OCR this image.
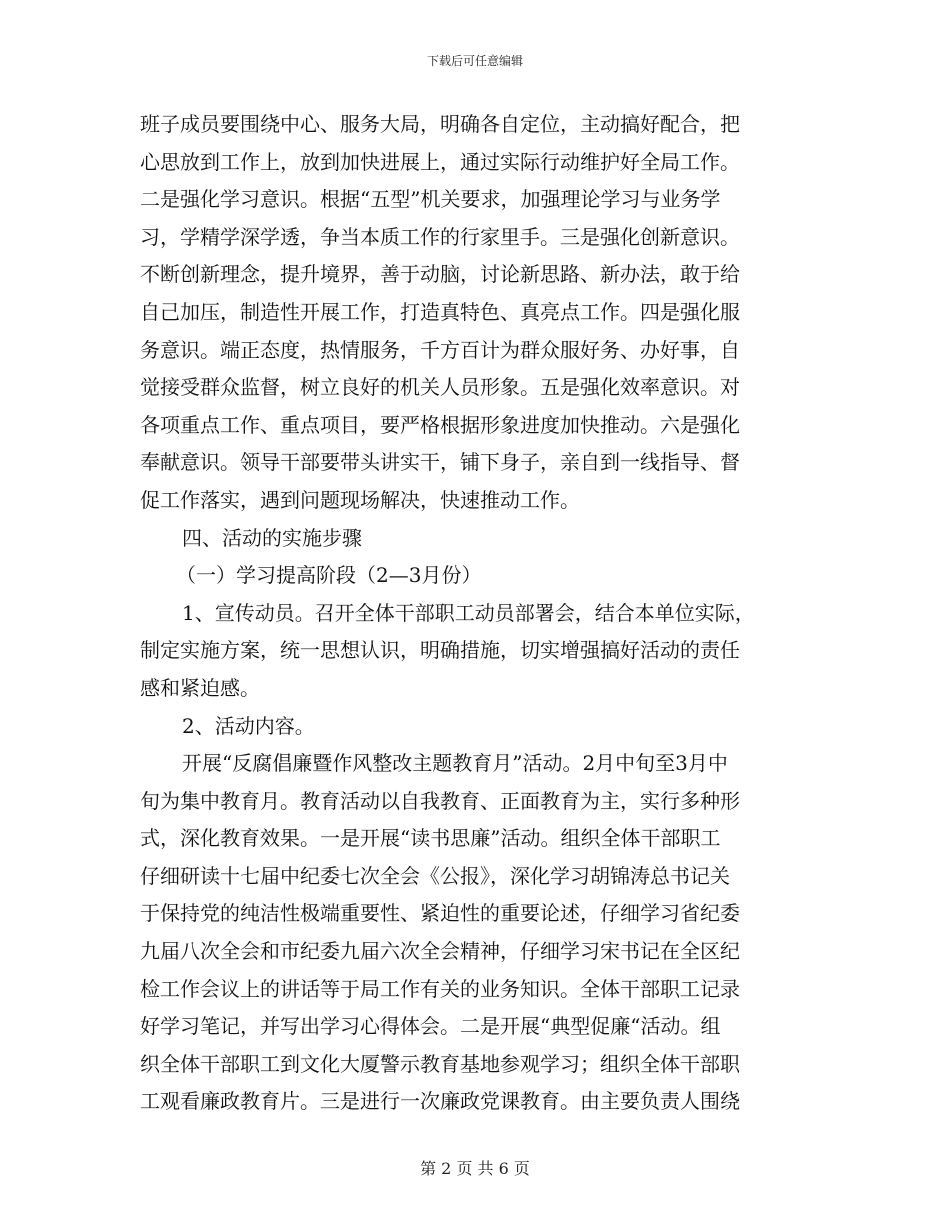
下载后可任意编辑
班子成员要围绕中心、服务大局，明确各自定位，主动搞好配合，把
心思放到工作上，放到加快进展上，通过实际行动维护好全局工作。
二是强化学习意识。根据“五型”机关要求，加强理论学习与业务学
习，学精学深学透，争当本质工作的行家里手。三是强化创新意识。
不断创新理念，提升境界，善于动脑，讨论新思路、新办法，敢于给
自己加压，制造性开展工作，打造真特色、真亮点工作。四是强化服
务意识。端正态度，热情服务，千方百计为群众服好务、办好事，自
觉接受群众监督，树立良好的机关人员形象。五是强化效率意识。对
各项重点工作、重点项目，要严格根据形象进度加快推动。六是强化
奉献意识。领导干部要带头讲实干，铺下身子，亲自到一线指导、督
促工作落实，遇到问题现场解决，快速推动工作。
四、活动的实施步骤
（一）学习提高阶段（2—3月份）
1、宣传动员。召开全体干部职工动员部署会，结合本单位实际，
制定实施方案，统一思想认识，明确措施，切实增强搞好活动的责任
感和紧迫感。
2、活动内容。
开展“反腐倡廉暨作风整改主题教育月”活动。2月中旬至3月中
旬为集中教育月。教育活动以自我教育、正面教育为主，实行多种形
式，深化教育效果。一是开展“读书思廉”活动。组织全体干部职工
仔细研读十七届中纪委七次全会《公报》，深化学习胡锦涛总书记关
于保持党的纯洁性极端重要性、紧迫性的重要论述，仔细学习省纪委
九届八次全会和市纪委九届六次全会精神，仔细学习宋书记在全区纪
检工作会议上的讲话等于局工作有关的业务知识。全体干部职工记录
好学习笔记，并写出学习心得体会。二是开展“典型促廉“活动。组
织全体干部职工到文化大厦警示教育基地参观学习；组织全体干部职
工观看廉政教育片。三是进行一次廉政党课教育。由主要负责人围绕
第 2 页 共 6 页
